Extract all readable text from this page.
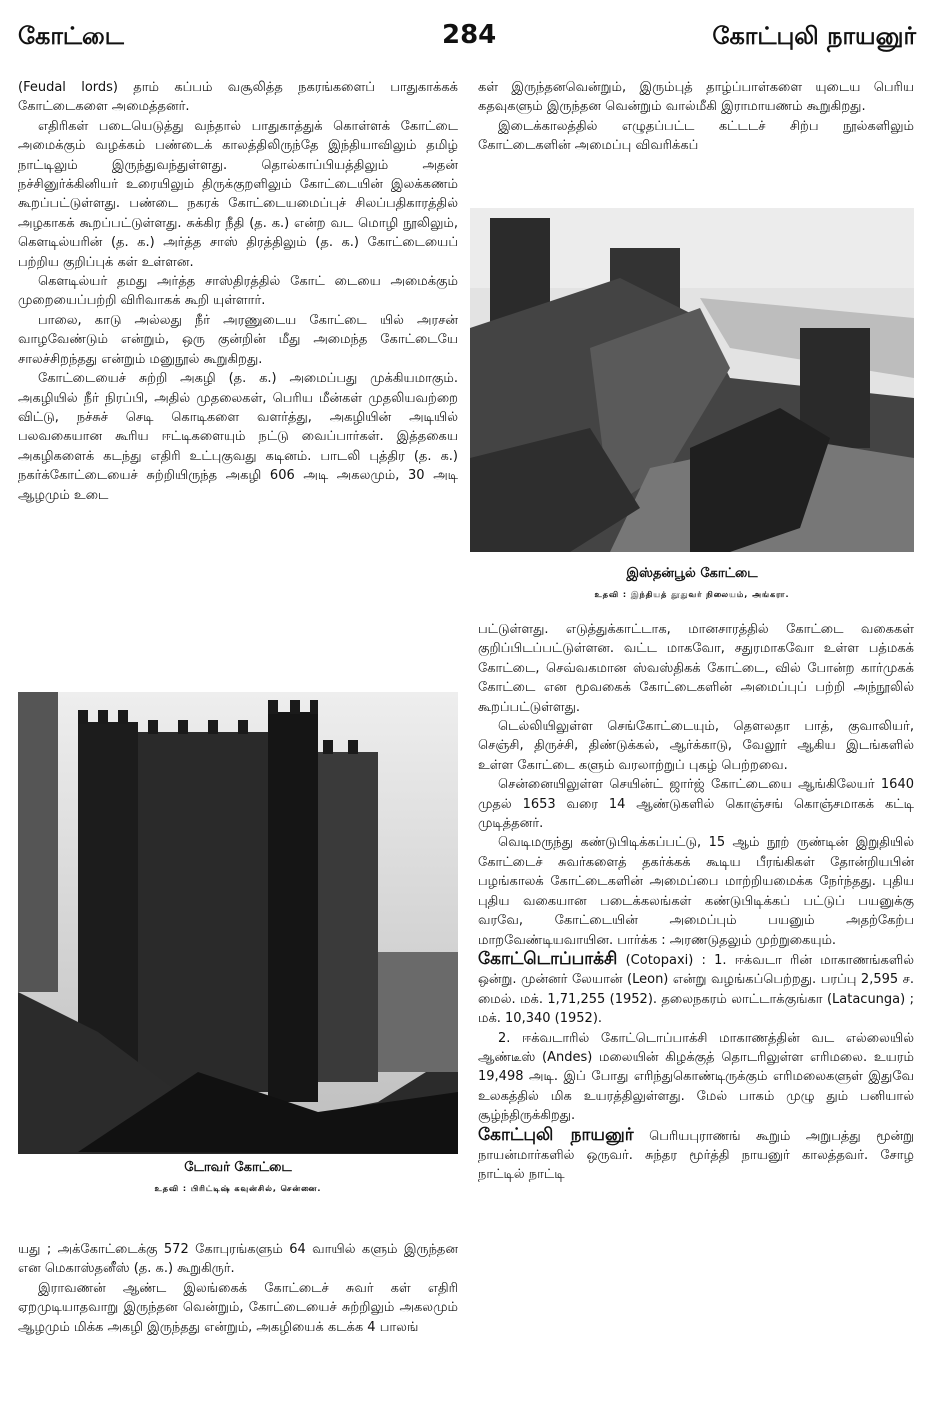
கோட்டை	284	கோட்புலி நாயனுர்

(Feudal lords) தாம் கப்பம் வசூலித்த நகரங்களைப் பாதுகாக்கக் கோட்டைகளை அமைத்தனர்.

எதிரிகள் படையெடுத்து வந்தால் பாதுகாத்துக் கொள்ளக் கோட்டை அமைக்கும் வழக்கம் பண்டைக் காலத்திலிருந்தே இந்தியாவிலும் தமிழ் நாட்டிலும் இருந்துவந்துள்ளது. தொல்காப்பியத்திலும் அதன் நச்சினுர்க்கினியர் உரையிலும் திருக்குறளிலும் கோட்டையின் இலக்கணம் கூறப்பட்டுள்ளது. பண்டை நகரக் கோட்டையமைப்புச் சிலப்பதிகாரத்தில் அழகாகக் கூறப்பட்டுள்ளது. சுக்கிர நீதி (த. க.) என்ற வட மொழி நூலிலும், கௌடில்யரின் (த. க.) அர்த்த சாஸ் திரத்திலும் (த. க.) கோட்டையைப் பற்றிய குறிப்புக் கள் உள்ளன.

கௌடில்யர் தமது அர்த்த சாஸ்திரத்தில் கோட் டையை அமைக்கும் முறையைப்பற்றி விரிவாகக் கூறி யுள்ளார்.

பாலை, காடு அல்லது நீர் அரணுடைய கோட்டை யில் அரசன் வாழவேண்டும் என்றும், ஒரு குன்றின் மீது அமைந்த கோட்டையே சாலச்சிறந்தது என்றும் மனுநூல் கூறுகிறது.

கோட்டையைச் சுற்றி அகழி (த. க.) அமைப்பது முக்கியமாகும். அகழியில் நீர் நிரப்பி, அதில் முதலைகள், பெரிய மீன்கள் முதலியவற்றை விட்டு, நச்சுச் செடி கொடிகளை வளர்த்து, அகழியின் அடியில் பலவகையான கூரிய ஈட்டிகளையும் நட்டு வைப்பார்கள். இத்தகைய அகழிகளைக் கடந்து எதிரி உட்புகுவது கடினம். பாடலி புத்திர (த. க.) நகர்க்கோட்டையைச் சுற்றியிருந்த அகழி 606 அடி அகலமும், 30 அடி ஆழமும் உடை

டோவர் கோட்டை
உதவி : பிரிட்டிஷ் கவுன்சில், சென்னை.

யது ; அக்கோட்டைக்கு 572 கோபுரங்களும் 64 வாயில் களும் இருந்தன என மெகாஸ்தனீஸ் (த. க.) கூறுகிருர்.

இராவணன் ஆண்ட இலங்கைக் கோட்டைச் சுவர் கள் எதிரி ஏறமுடியாதவாறு இருந்தன வென்றும், கோட்டையைச் சுற்றிலும் அகலமும் ஆழமும் மிக்க அகழி இருந்தது என்றும், அகழியைக் கடக்க 4 பாலங்

கள் இருந்தனவென்றும், இரும்புத் தாழ்ப்பாள்களை யுடைய பெரிய கதவுகளும் இருந்தன வென்றும் வால்மீகி இராமாயணம் கூறுகிறது.

இடைக்காலத்தில் எழுதப்பட்ட கட்டடச் சிற்ப நூல்களிலும் கோட்டைகளின் அமைப்பு விவரிக்கப்

இஸ்தன்பூல் கோட்டை
உதவி : இந்தியத் தூதுவர் நிலையம், அங்கரா.

பட்டுள்ளது. எடுத்துக்காட்டாக, மானசாரத்தில் கோட்டை வகைகள் குறிப்பிடப்பட்டுள்ளன. வட்ட மாகவோ, சதுரமாகவோ உள்ள பத்மகக் கோட்டை, செவ்வகமான ஸ்வஸ்திகக் கோட்டை, வில் போன்ற கார்முகக் கோட்டை என மூவகைக் கோட்டைகளின் அமைப்புப் பற்றி அந்நூலில் கூறப்பட்டுள்ளது.

டெல்லியிலுள்ள செங்கோட்டையும், தௌலதா பாத், குவாலியர், செஞ்சி, திருச்சி, திண்டுக்கல், ஆர்க்காடு, வேலூர் ஆகிய இடங்களில் உள்ள கோட்டை களும் வரலாற்றுப் புகழ் பெற்றவை.

சென்னையிலுள்ள செயின்ட் ஜார்ஜ் கோட்டையை ஆங்கிலேயர் 1640 முதல் 1653 வரை 14 ஆண்டுகளில் கொஞ்சங் கொஞ்சமாகக் கட்டி முடித்தனர்.

வெடிமருந்து கண்டுபிடிக்கப்பட்டு, 15 ஆம் நூற் ருண்டின் இறுதியில் கோட்டைச் சுவர்களைத் தகர்க்கக் கூடிய பீரங்கிகள் தோன்றியபின் பழங்காலக் கோட்டைகளின் அமைப்பை மாற்றியமைக்க நேர்ந்தது. புதிய புதிய வகையான படைக்கலங்கள் கண்டுபிடிக்கப் பட்டுப் பயனுக்கு வரவே, கோட்டையின் அமைப்பும் பயனும் அதற்கேற்ப மாறவேண்டியவாயின. பார்க்க : அரணடுதலும் முற்றுகையும்.

கோட்டொப்பாக்சி (Cotopaxi) : 1. ஈக்வடா ரின் மாகாணங்களில் ஒன்று. முன்னர் லேயான் (Leon) என்று வழங்கப்பெற்றது. பரப்பு 2,595 ச. மைல். மக். 1,71,255 (1952). தலைநகரம் லாட்டாக்குங்கா (Latacunga) ; மக். 10,340 (1952).

2. ஈக்வடாரில் கோட்டொப்பாக்சி மாகாணத்தின் வட எல்லையில் ஆண்டீஸ் (Andes) மலையின் கிழக்குத் தொடரிலுள்ள எரிமலை. உயரம் 19,498 அடி. இப் போது எரிந்துகொண்டிருக்கும் எரிமலைகளுள் இதுவே உலகத்தில் மிக உயரத்திலுள்ளது. மேல் பாகம் முழு தும் பனியால் சூழ்ந்திருக்கிறது.

கோட்புலி நாயனுர் பெரியபுராணங் கூறும் அறுபத்து மூன்று நாயன்மார்களில் ஒருவர். சுந்தர மூர்த்தி நாயனுர் காலத்தவர். சோழ நாட்டில் நாட்டி
